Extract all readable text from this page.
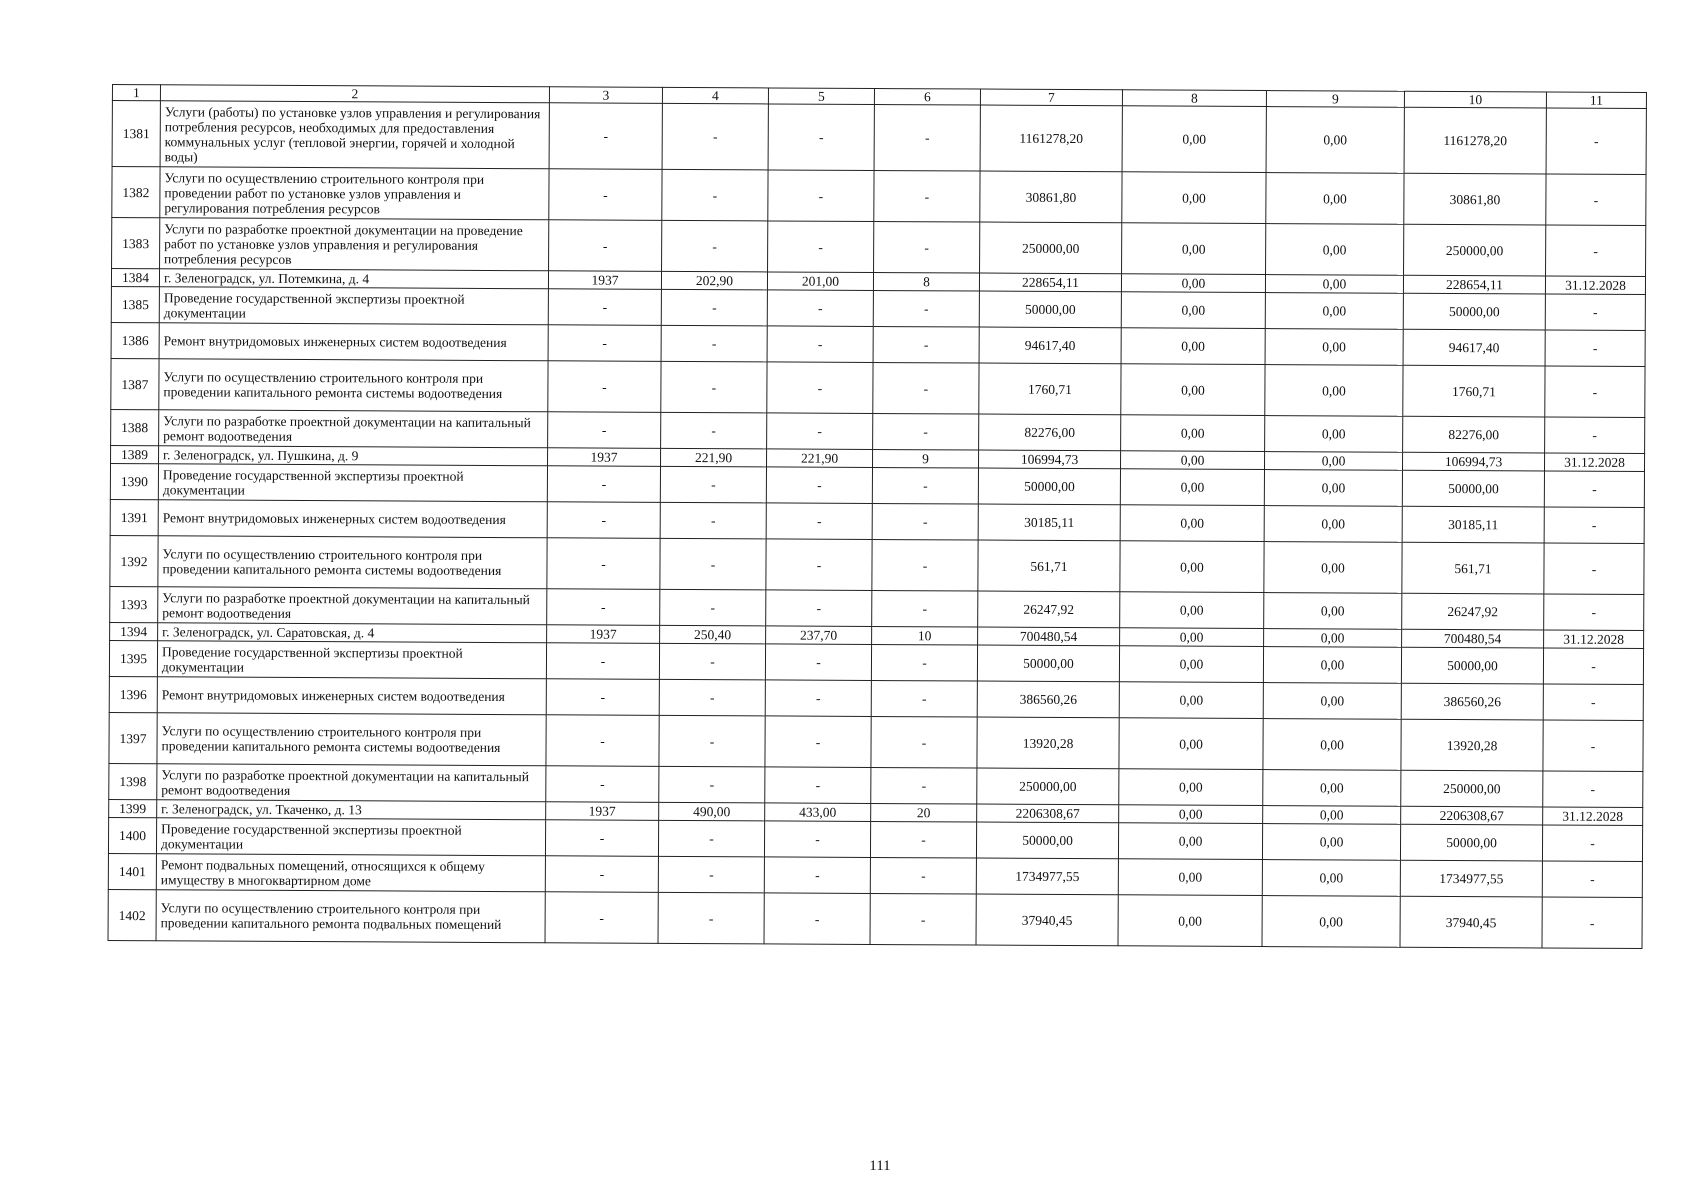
1	2	3	4	5	6	7	8	9	10	11
1381	Услуги (работы) по установке узлов управления и регулирования потребления ресурсов, необходимых для предоставления коммунальных услуг (тепловой энергии, горячей и холодной воды)	-	-	-	-	1161278,20	0,00	0,00	1161278,20	-
1382	Услуги по осуществлению строительного контроля при проведении работ по установке узлов управления и регулирования потребления ресурсов	-	-	-	-	30861,80	0,00	0,00	30861,80	-
1383	Услуги по разработке проектной документации на проведение работ по установке узлов управления и регулирования потребления ресурсов	-	-	-	-	250000,00	0,00	0,00	250000,00	-
1384	г. Зеленоградск, ул. Потемкина, д. 4	1937	202,90	201,00	8	228654,11	0,00	0,00	228654,11	31.12.2028
1385	Проведение государственной экспертизы проектной документации	-	-	-	-	50000,00	0,00	0,00	50000,00	-
1386	Ремонт внутридомовых инженерных систем водоотведения	-	-	-	-	94617,40	0,00	0,00	94617,40	-
1387	Услуги по осуществлению строительного контроля при проведении капитального ремонта системы водоотведения	-	-	-	-	1760,71	0,00	0,00	1760,71	-
1388	Услуги по разработке проектной документации на капитальный ремонт водоотведения	-	-	-	-	82276,00	0,00	0,00	82276,00	-
1389	г. Зеленоградск, ул. Пушкина, д. 9	1937	221,90	221,90	9	106994,73	0,00	0,00	106994,73	31.12.2028
1390	Проведение государственной экспертизы проектной документации	-	-	-	-	50000,00	0,00	0,00	50000,00	-
1391	Ремонт внутридомовых инженерных систем водоотведения	-	-	-	-	30185,11	0,00	0,00	30185,11	-
1392	Услуги по осуществлению строительного контроля при проведении капитального ремонта системы водоотведения	-	-	-	-	561,71	0,00	0,00	561,71	-
1393	Услуги по разработке проектной документации на капитальный ремонт водоотведения	-	-	-	-	26247,92	0,00	0,00	26247,92	-
1394	г. Зеленоградск, ул. Саратовская, д. 4	1937	250,40	237,70	10	700480,54	0,00	0,00	700480,54	31.12.2028
1395	Проведение государственной экспертизы проектной документации	-	-	-	-	50000,00	0,00	0,00	50000,00	-
1396	Ремонт внутридомовых инженерных систем водоотведения	-	-	-	-	386560,26	0,00	0,00	386560,26	-
1397	Услуги по осуществлению строительного контроля при проведении капитального ремонта системы водоотведения	-	-	-	-	13920,28	0,00	0,00	13920,28	-
1398	Услуги по разработке проектной документации на капитальный ремонт водоотведения	-	-	-	-	250000,00	0,00	0,00	250000,00	-
1399	г. Зеленоградск, ул. Ткаченко, д. 13	1937	490,00	433,00	20	2206308,67	0,00	0,00	2206308,67	31.12.2028
1400	Проведение государственной экспертизы проектной документации	-	-	-	-	50000,00	0,00	0,00	50000,00	-
1401	Ремонт подвальных помещений, относящихся к общему имуществу в многоквартирном доме	-	-	-	-	1734977,55	0,00	0,00	1734977,55	-
1402	Услуги по осуществлению строительного контроля при проведении капитального ремонта подвальных помещений	-	-	-	-	37940,45	0,00	0,00	37940,45	-
111
